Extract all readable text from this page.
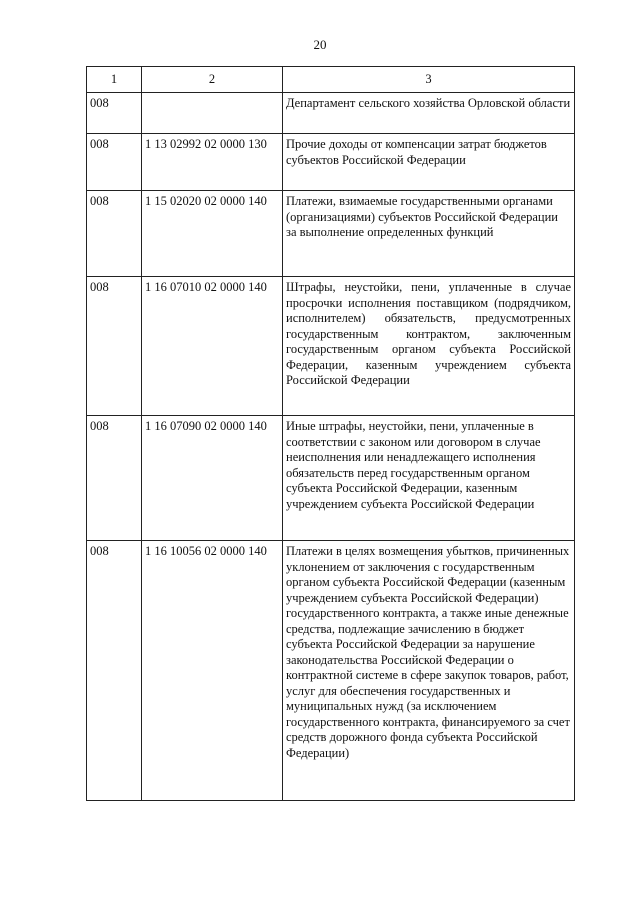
20
1	2	3
008		Департамент сельского хозяйства Орловской области
008	1 13 02992 02 0000 130	Прочие доходы от компенсации затрат бюджетов субъектов Российской Федерации
008	1 15 02020 02 0000 140	Платежи, взимаемые государственными органами (организациями) субъектов Российской Федерации за выполнение определенных функций
008	1 16 07010 02 0000 140	Штрафы, неустойки, пени, уплаченные в случае просрочки исполнения поставщиком (подрядчиком, исполнителем) обязательств, предусмотренных государственным контрактом, заключенным государственным органом субъекта Российской Федерации, казенным учреждением субъекта Российской Федерации
008	1 16 07090 02 0000 140	Иные штрафы, неустойки, пени, уплаченные в соответствии с законом или договором в случае неисполнения или ненадлежащего исполнения обязательств перед государственным органом субъекта Российской Федерации, казенным учреждением субъекта Российской Федерации
008	1 16 10056 02 0000 140	Платежи в целях возмещения убытков, причиненных уклонением от заключения с государственным органом субъекта Российской Федерации (казенным учреждением субъекта Российской Федерации) государственного контракта, а также иные денежные средства, подлежащие зачислению в бюджет субъекта Российской Федерации за нарушение законодательства Российской Федерации о контрактной системе в сфере закупок товаров, работ, услуг для обеспечения государственных и муниципальных нужд (за исключением государственного контракта, финансируемого за счет средств дорожного фонда субъекта Российской Федерации)
